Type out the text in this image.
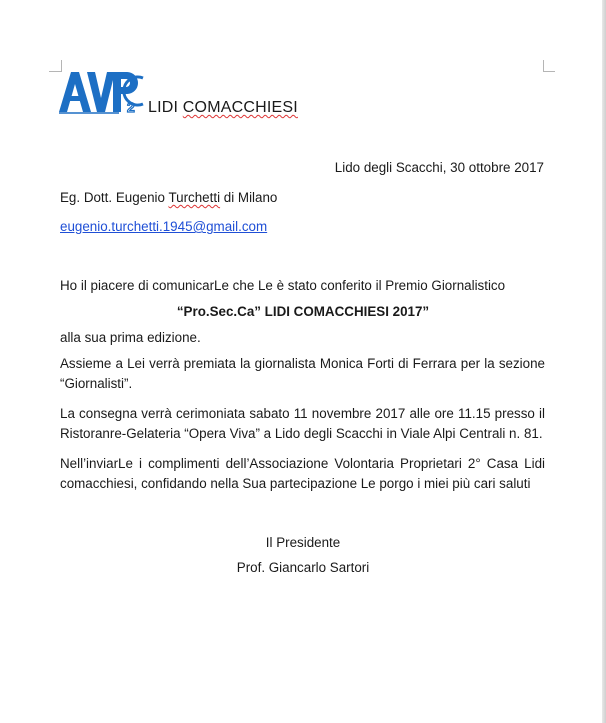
2 LIDI COMACCHIESI
Lido degli Scacchi, 30 ottobre 2017
Eg. Dott. Eugenio Turchetti di Milano
eugenio.turchetti.1945@gmail.com
Ho il piacere di comunicarLe che Le è stato conferito il Premio Giornalistico
“Pro.Sec.Ca” LIDI COMACCHIESI 2017”
alla sua prima edizione.
Assieme a Lei verrà premiata la giornalista Monica Forti di Ferrara per la sezione “Giornalisti”.
La consegna verrà cerimoniata sabato 11 novembre 2017 alle ore 11.15 presso il Ristoranre-Gelateria “Opera Viva” a Lido degli Scacchi in Viale Alpi Centrali n. 81.
Nell’inviarLe i complimenti dell’Associazione Volontaria Proprietari 2° Casa Lidi comacchiesi, confidando nella Sua partecipazione Le porgo i miei più cari saluti
Il Presidente
Prof. Giancarlo Sartori
